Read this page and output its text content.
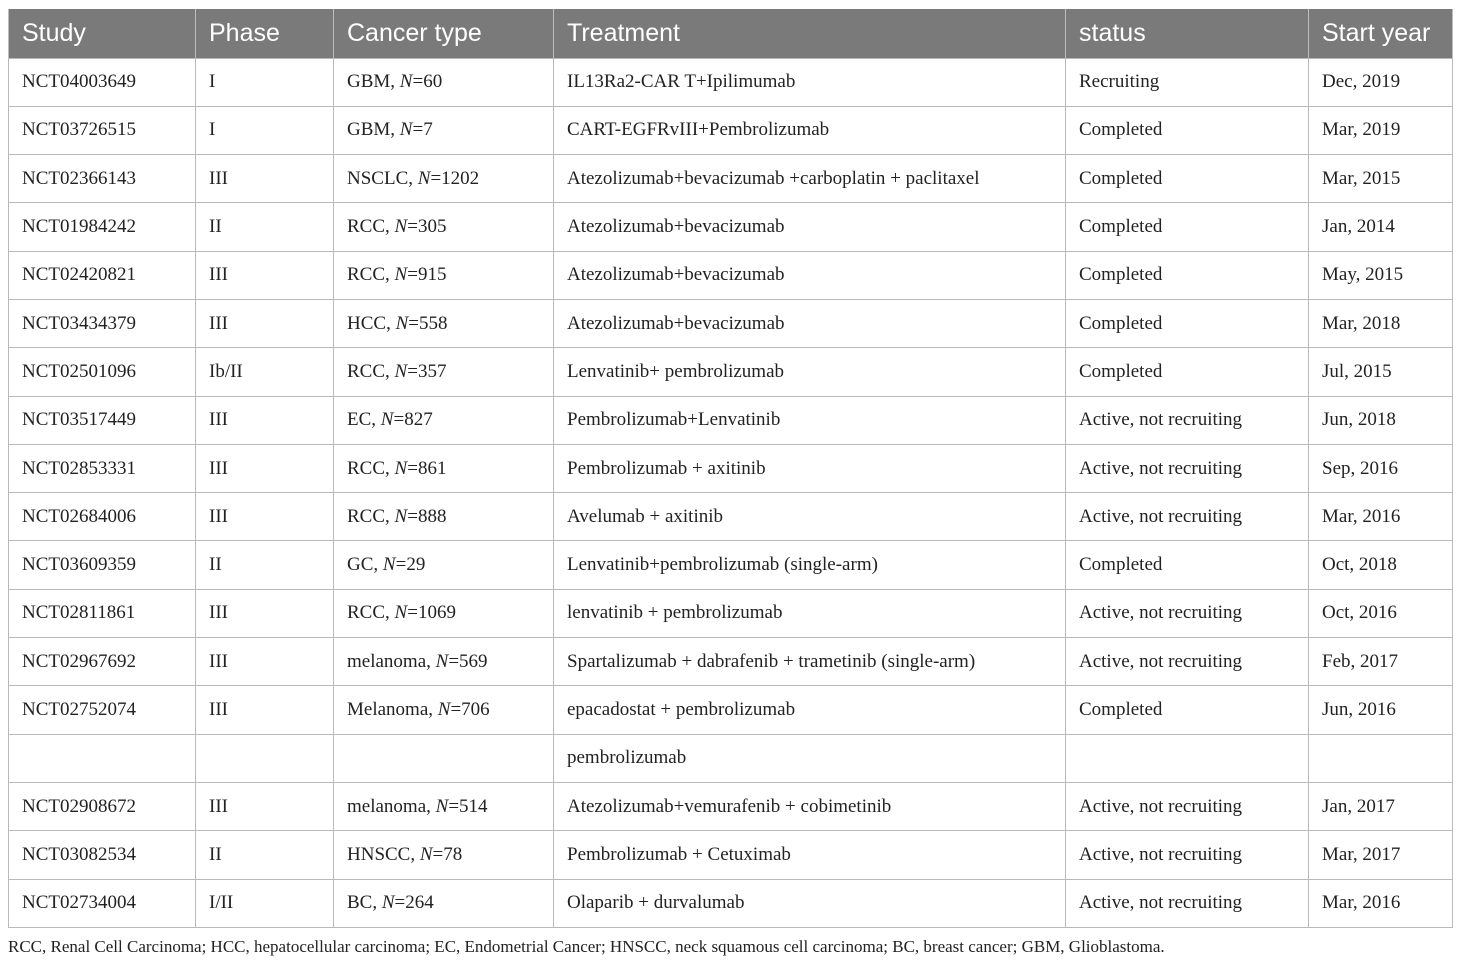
Study	Phase	Cancer type	Treatment	status	Start year
NCT04003649	I	GBM, N=60	IL13Ra2-CAR T+Ipilimumab	Recruiting	Dec, 2019
NCT03726515	I	GBM, N=7	CART-EGFRvIII+Pembrolizumab	Completed	Mar, 2019
NCT02366143	III	NSCLC, N=1202	Atezolizumab+bevacizumab +carboplatin + paclitaxel	Completed	Mar, 2015
NCT01984242	II	RCC, N=305	Atezolizumab+bevacizumab	Completed	Jan, 2014
NCT02420821	III	RCC, N=915	Atezolizumab+bevacizumab	Completed	May, 2015
NCT03434379	III	HCC, N=558	Atezolizumab+bevacizumab	Completed	Mar, 2018
NCT02501096	Ib/II	RCC, N=357	Lenvatinib+ pembrolizumab	Completed	Jul, 2015
NCT03517449	III	EC, N=827	Pembrolizumab+Lenvatinib	Active, not recruiting	Jun, 2018
NCT02853331	III	RCC, N=861	Pembrolizumab + axitinib	Active, not recruiting	Sep, 2016
NCT02684006	III	RCC, N=888	Avelumab + axitinib	Active, not recruiting	Mar, 2016
NCT03609359	II	GC, N=29	Lenvatinib+pembrolizumab (single-arm)	Completed	Oct, 2018
NCT02811861	III	RCC, N=1069	lenvatinib + pembrolizumab	Active, not recruiting	Oct, 2016
NCT02967692	III	melanoma, N=569	Spartalizumab + dabrafenib + trametinib (single-arm)	Active, not recruiting	Feb, 2017
NCT02752074	III	Melanoma, N=706	epacadostat + pembrolizumab	Completed	Jun, 2016
			pembrolizumab		
NCT02908672	III	melanoma, N=514	Atezolizumab+vemurafenib + cobimetinib	Active, not recruiting	Jan, 2017
NCT03082534	II	HNSCC, N=78	Pembrolizumab + Cetuximab	Active, not recruiting	Mar, 2017
NCT02734004	I/II	BC, N=264	Olaparib + durvalumab	Active, not recruiting	Mar, 2016
RCC, Renal Cell Carcinoma; HCC, hepatocellular carcinoma; EC, Endometrial Cancer; HNSCC, neck squamous cell carcinoma; BC, breast cancer; GBM, Glioblastoma.
